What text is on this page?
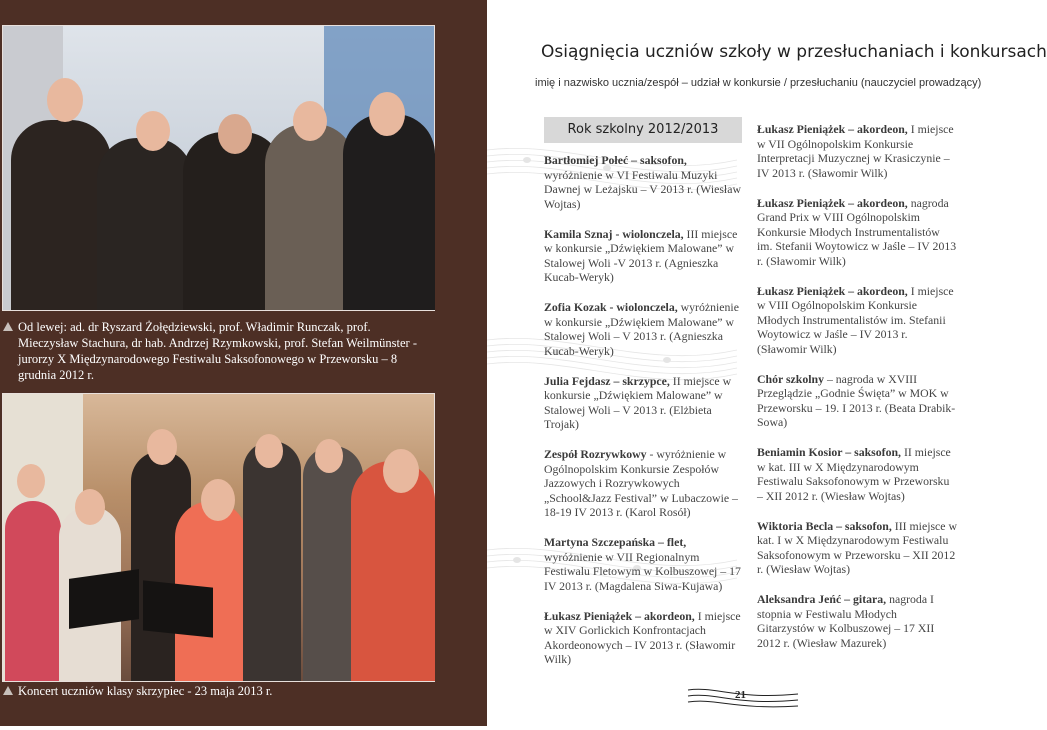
Od lewej: ad. dr Ryszard Żołędziewski, prof. Władimir Runczak, prof. Mieczysław Stachura, dr hab. Andrzej Rzymkowski, prof. Stefan Weilmünster - jurorzy X Międzynarodowego Festiwalu Saksofonowego w Przeworsku – 8 grudnia 2012 r.
Koncert uczniów klasy skrzypiec - 23 maja 2013 r.
Osiągnięcia uczniów szkoły w przesłuchaniach i konkursach
imię i nazwisko ucznia/zespół – udział w konkursie / przesłuchaniu (nauczyciel prowadzący)
Rok szkolny 2012/2013
Bartłomiej Połeć – saksofon, wyróżnienie w VI Festiwalu Muzyki Dawnej w Leżajsku – V 2013 r. (Wiesław Wojtas)
Kamila Sznaj - wiolonczela, III miejsce w konkursie „Dźwiękiem Malowane” w Stalowej Woli -V 2013 r. (Agnieszka Kucab-Weryk)
Zofia Kozak - wiolonczela, wyróżnienie w konkursie „Dźwiękiem Malowane” w Stalowej Woli – V 2013 r. (Agnieszka Kucab-Weryk)
Julia Fejdasz – skrzypce, II miejsce w konkursie „Dźwiękiem Malowane” w Stalowej Woli – V 2013 r. (Elżbieta Trojak)
Zespół Rozrywkowy - wyróżnienie w Ogólnopolskim Konkursie Zespołów Jazzowych i Rozrywkowych „School&Jazz Festival” w Lubaczowie – 18-19 IV 2013 r. (Karol Rosół)
Martyna Szczepańska – flet, wyróżnienie w VII Regionalnym Festiwalu Fletowym w Kolbuszowej – 17 IV 2013 r. (Magdalena Siwa-Kujawa)
Łukasz Pieniążek – akordeon, I miejsce w XIV Gorlickich Konfrontacjach Akordeonowych – IV 2013 r. (Sławomir Wilk)
Łukasz Pieniążek – akordeon, I miejsce w VII Ogólnopolskim Konkursie Interpretacji Muzycznej w Krasiczynie – IV 2013 r. (Sławomir Wilk)
Łukasz Pieniążek – akordeon, nagroda Grand Prix w VIII Ogólnopolskim Konkursie Młodych Instrumentalistów im. Stefanii Woytowicz w Jaśle – IV 2013 r. (Sławomir Wilk)
Łukasz Pieniążek – akordeon, I miejsce w VIII Ogólnopolskim Konkursie Młodych Instrumentalistów im. Stefanii Woytowicz w Jaśle – IV 2013 r. (Sławomir Wilk)
Chór szkolny – nagroda w XVIII Przeglądzie „Godnie Święta” w MOK w Przeworsku – 19. I 2013 r. (Beata Drabik-Sowa)
Beniamin Kosior – saksofon, II miejsce w kat. III w X Międzynarodowym Festiwalu Saksofonowym w Przeworsku – XII 2012 r. (Wiesław Wojtas)
Wiktoria Becla – saksofon, III miejsce w kat. I w X Międzynarodowym Festiwalu Saksofonowym w Przeworsku – XII 2012 r. (Wiesław Wojtas)
Aleksandra Jeńć – gitara, nagroda I stopnia w Festiwalu Młodych Gitarzystów w Kolbuszowej – 17 XII 2012 r. (Wiesław Mazurek)
21
